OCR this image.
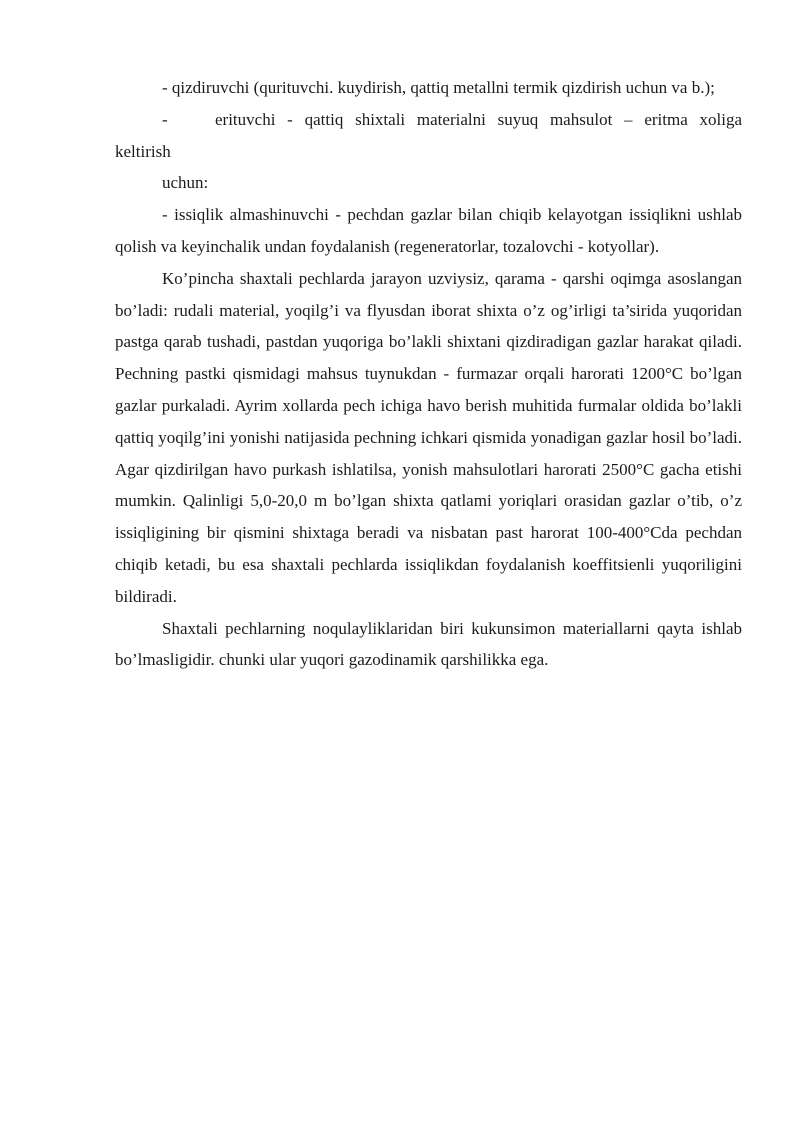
- qizdiruvchi (qurituvchi. kuydirish, qattiq metallni termik qizdirish uchun va b.);

-	erituvchi - qattiq shixtali materialni suyuq mahsulot – eritma xoliga

keltirish

uchun:

- issiqlik almashinuvchi - pechdan gazlar bilan chiqib kelayotgan issiqlikni ushlab qolish va keyinchalik undan foydalanish (regeneratorlar, tozalovchi - kotyollar).

Ko’pincha shaxtali pechlarda jarayon uzviysiz, qarama - qarshi oqimga asoslangan bo’ladi: rudali material, yoqilg’i va flyusdan iborat shixta o’z og’irligi ta’sirida yuqoridan pastga qarab tushadi, pastdan yuqoriga bo’lakli shixtani qizdiradigan gazlar harakat qiladi. Pechning pastki qismidagi mahsus tuynukdan - furmazar orqali harorati 1200°C bo’lgan gazlar purkaladi. Ayrim xollarda pech ichiga havo berish muhitida furmalar oldida bo’lakli qattiq yoqilg’ini yonishi natijasida pechning ichkari qismida yonadigan gazlar hosil bo’ladi. Agar qizdirilgan havo purkash ishlatilsa, yonish mahsulotlari harorati 2500°C gacha etishi mumkin. Qalinligi 5,0-20,0 m bo’lgan shixta qatlami yoriqlari orasidan gazlar o’tib, o’z issiqligining bir qismini shixtaga beradi va nisbatan past harorat 100-400°Cda pechdan chiqib ketadi, bu esa shaxtali pechlarda issiqlikdan foydalanish koeffitsienli yuqoriligini bildiradi.

Shaxtali pechlarning noqulayliklaridan biri kukunsimon materiallarni qayta ishlab bo’lmasligidir. chunki ular yuqori gazodinamik qarshilikka ega.
